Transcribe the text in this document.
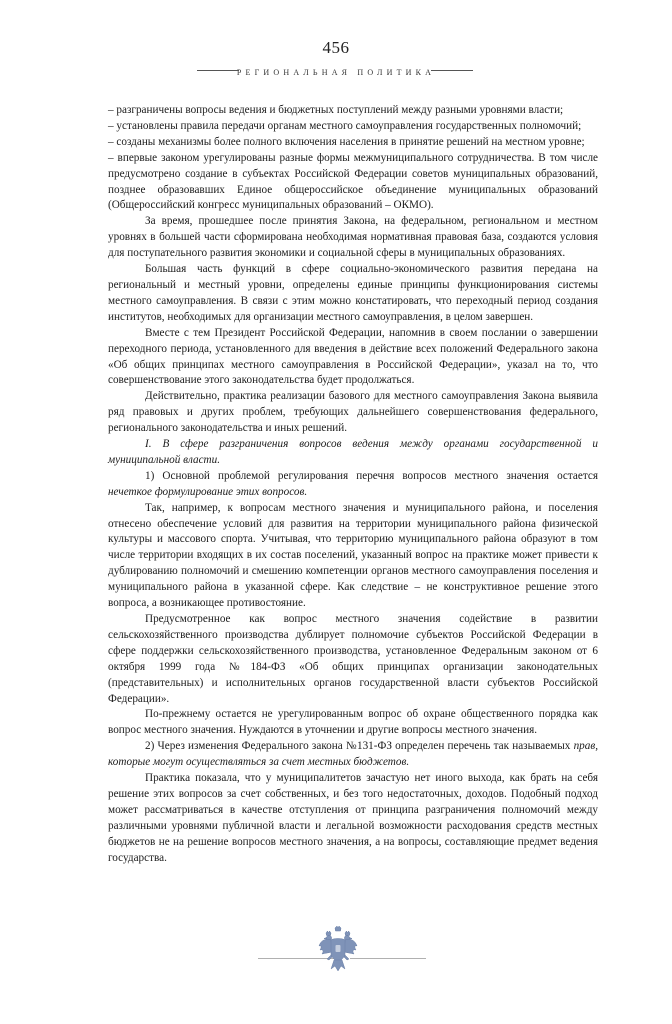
456
РЕГИОНАЛЬНАЯ ПОЛИТИКА

– разграничены вопросы ведения и бюджетных поступлений между разными уровнями власти;

– установлены правила передачи органам местного самоуправления государственных полномочий;

– созданы механизмы более полного включения населения в принятие решений на местном уровне;

– впервые законом урегулированы разные формы межмуниципального сотрудничества. В том числе предусмотрено создание в субъектах Российской Федерации советов муниципальных образований, позднее образовавших Единое общероссийское объединение муниципальных образований (Общероссийский конгресс муниципальных образований – ОКМО).

За время, прошедшее после принятия Закона, на федеральном, региональном и местном уровнях в большей части сформирована необходимая нормативная правовая база, создаются условия для поступательного развития экономики и социальной сферы в муниципальных образованиях.

Большая часть функций в сфере социально-экономического развития передана на региональный и местный уровни, определены единые принципы функционирования системы местного самоуправления. В связи с этим можно констатировать, что переходный период создания институтов, необходимых для организации местного самоуправления, в целом завершен.

Вместе с тем Президент Российской Федерации, напомнив в своем послании о завершении переходного периода, установленного для введения в действие всех положений Федерального закона «Об общих принципах местного самоуправления в Российской Федерации», указал на то, что совершенствование этого законодательства будет продолжаться.

Действительно, практика реализации базового для местного самоуправления Закона выявила ряд правовых и других проблем, требующих дальнейшего совершенствования федерального, регионального законодательства и иных решений.

I. В сфере разграничения вопросов ведения между органами государственной и муниципальной власти.

1) Основной проблемой регулирования перечня вопросов местного значения остается нечеткое формулирование этих вопросов.

Так, например, к вопросам местного значения и муниципального района, и поселения отнесено обеспечение условий для развития на территории муниципального района физической культуры и массового спорта. Учитывая, что территорию муниципального района образуют в том числе территории входящих в их состав поселений, указанный вопрос на практике может привести к дублированию полномочий и смешению компетенции органов местного самоуправления поселения и муниципального района в указанной сфере. Как следствие – не конструктивное решение этого вопроса, а возникающее противостояние.

Предусмотренное как вопрос местного значения содействие в развитии сельскохозяйственного производства дублирует полномочие субъектов Российской Федерации в сфере поддержки сельскохозяйственного производства, установленное Федеральным законом от 6 октября 1999 года №184-ФЗ «Об общих принципах организации законодательных (представительных) и исполнительных органов государственной власти субъектов Российской Федерации».

По-прежнему остается не урегулированным вопрос об охране общественного порядка как вопрос местного значения. Нуждаются в уточнении и другие вопросы местного значения.

2) Через изменения Федерального закона №131-ФЗ определен перечень так называемых прав, которые могут осуществляться за счет местных бюджетов.

Практика показала, что у муниципалитетов зачастую нет иного выхода, как брать на себя решение этих вопросов за счет собственных, и без того недостаточных, доходов. Подобный подход может рассматриваться в качестве отступления от принципа разграничения полномочий между различными уровнями публичной власти и легальной возможности расходования средств местных бюджетов не на решение вопросов местного значения, а на вопросы, составляющие предмет ведения государства.
